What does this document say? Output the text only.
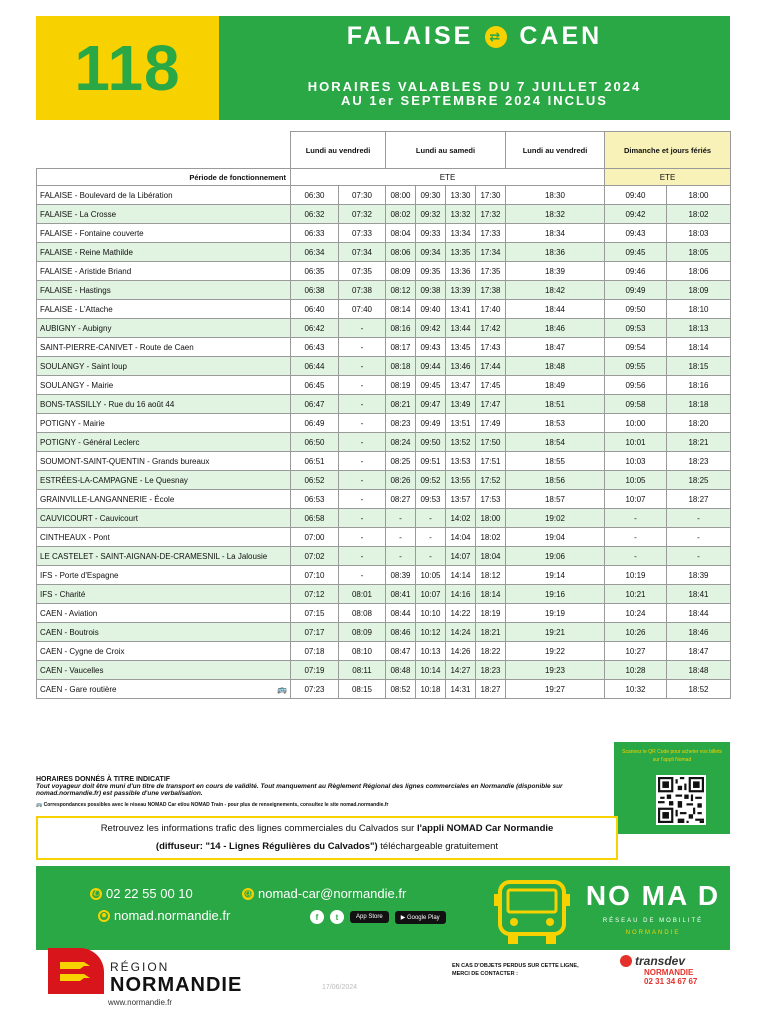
118	FALAISE	⇄ CAEN
HORAIRES VALABLES DU 7 JUILLET 2024
AU 1er SEPTEMBRE 2024 INCLUS
	Lundi au vendredi		Lundi au samedi				Lundi au vendredi	Dimanche et jours fériés	
Période de fonctionnement	ETE							ETE	
FALAISE - Boulevard de la Libération	06:30	07:30	08:00	09:30	13:30	17:30	18:30	09:40	18:00
FALAISE - La Crosse	06:32	07:32	08:02	09:32	13:32	17:32	18:32	09:42	18:02
FALAISE - Fontaine couverte	06:33	07:33	08:04	09:33	13:34	17:33	18:34	09:43	18:03
FALAISE - Reine Mathilde	06:34	07:34	08:06	09:34	13:35	17:34	18:36	09:45	18:05
FALAISE - Aristide Briand	06:35	07:35	08:09	09:35	13:36	17:35	18:39	09:46	18:06
FALAISE - Hastings	06:38	07:38	08:12	09:38	13:39	17:38	18:42	09:49	18:09
FALAISE - L'Attache	06:40	07:40	08:14	09:40	13:41	17:40	18:44	09:50	18:10
AUBIGNY - Aubigny	06:42	-	08:16	09:42	13:44	17:42	18:46	09:53	18:13
SAINT-PIERRE-CANIVET - Route de Caen	06:43	-	08:17	09:43	13:45	17:43	18:47	09:54	18:14
SOULANGY - Saint loup	06:44	-	08:18	09:44	13:46	17:44	18:48	09:55	18:15
SOULANGY - Mairie	06:45	-	08:19	09:45	13:47	17:45	18:49	09:56	18:16
BONS-TASSILLY - Rue du 16 août 44	06:47	-	08:21	09:47	13:49	17:47	18:51	09:58	18:18
POTIGNY - Mairie	06:49	-	08:23	09:49	13:51	17:49	18:53	10:00	18:20
POTIGNY - Général Leclerc	06:50	-	08:24	09:50	13:52	17:50	18:54	10:01	18:21
SOUMONT-SAINT-QUENTIN - Grands bureaux	06:51	-	08:25	09:51	13:53	17:51	18:55	10:03	18:23
ESTRÉES-LA-CAMPAGNE - Le Quesnay	06:52	-	08:26	09:52	13:55	17:52	18:56	10:05	18:25
GRAINVILLE-LANGANNERIE - École	06:53	-	08:27	09:53	13:57	17:53	18:57	10:07	18:27
CAUVICOURT - Cauvicourt	06:58	-	-	-	14:02	18:00	19:02	-	-
CINTHEAUX - Pont	07:00	-	-	-	14:04	18:02	19:04	-	-
LE CASTELET - SAINT-AIGNAN-DE-CRAMESNIL - La Jalousie	07:02	-	-	-	14:07	18:04	19:06	-	-
IFS - Porte d'Espagne	07:10	-	08:39	10:05	14:14	18:12	19:14	10:19	18:39
IFS - Charité	07:12	08:01	08:41	10:07	14:16	18:14	19:16	10:21	18:41
CAEN - Aviation	07:15	08:08	08:44	10:10	14:22	18:19	19:19	10:24	18:44
CAEN - Boutrois	07:17	08:09	08:46	10:12	14:24	18:21	19:21	10:26	18:46
CAEN - Cygne de Croix	07:18	08:10	08:47	10:13	14:26	18:22	19:22	10:27	18:47
CAEN - Vaucelles	07:19	08:11	08:48	10:14	14:27	18:23	19:23	10:28	18:48
CAEN - Gare routière 🚌	07:23	08:15	08:52	10:18	14:31	18:27	19:27	10:32	18:52
Scannez le QR Code pour acheter vos billets sur l'appli Nomad
HORAIRES DONNÉS À TITRE INDICATIF
Tout voyageur doit être muni d'un titre de transport en cours de validité. Tout manquement au Règlement Régional des lignes commerciales en Normandie (disponible sur nomad.normandie.fr) est passible d'une verbalisation.
🚌 Correspondances possibles avec le réseau NOMAD Car et/ou NOMAD Train - pour plus de renseignements, consultez le site nomad.normandie.fr
Retrouvez les informations trafic des lignes commerciales du Calvados sur l'appli NOMAD Car Normandie
(diffuseur: "14 - Lignes Régulières du Calvados") téléchargeable gratuitement
✆ 02 22 55 00 10	@ nomad-car@normandie.fr
● nomad.normandie.fr	f	t	App Store	▶ Google Play
NO MA D
RÉSEAU DE MOBILITÉ
NORMANDIE
RÉGION
NORMANDIE
www.normandie.fr
17/06/2024
EN CAS D'OBJETS PERDUS SUR CETTE LIGNE,
MERCI DE CONTACTER :
transdev
NORMANDIE
02 31 34 67 67
